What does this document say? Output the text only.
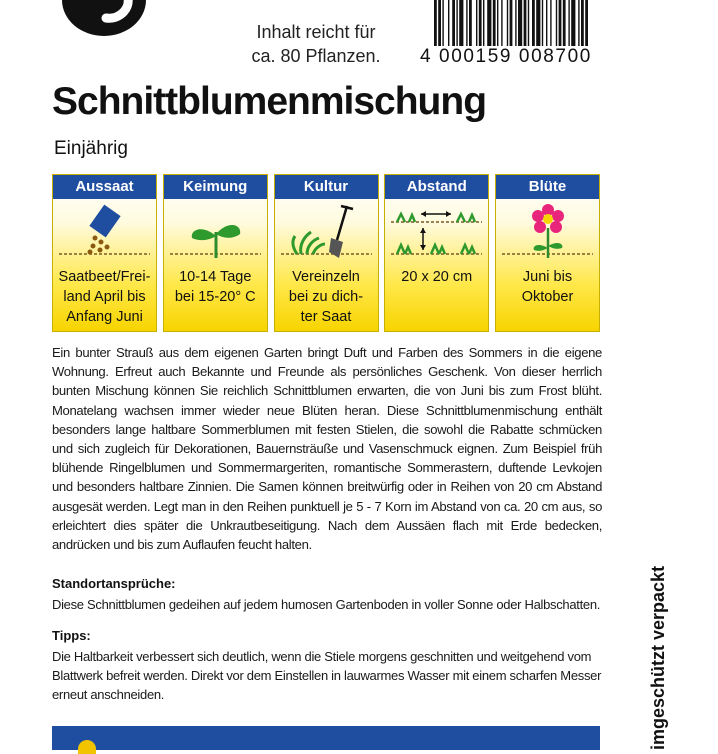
Inhalt reicht für
ca. 80 Pflanzen.	4 000159 008700
Schnittblumenmischung
Einjährig
Aussaat
Saatbeet/Frei-
land April bis
Anfang Juni
Keimung
10-14 Tage
bei 15-20° C
Kultur
Vereinzeln
bei zu dich-
ter Saat
Abstand
20 x 20 cm
Blüte
Juni bis
Oktober
Ein bunter Strauß aus dem eigenen Garten bringt Duft und Farben des Sommers in die eigene Wohnung. Erfreut auch Bekannte und Freunde als persönliches Geschenk. Von dieser herrlich bunten Mischung können Sie reichlich Schnittblumen erwarten, die von Juni bis zum Frost blüht. Monatelang wachsen immer wieder neue Blüten heran. Diese Schnittblumenmischung enthält besonders lange haltbare Sommerblumen mit festen Stielen, die sowohl die Rabatte schmücken und sich zugleich für Dekorationen, Bauernsträuße und Vasenschmuck eignen. Zum Beispiel früh blühende Ringelblumen und Sommermargeriten, romantische Sommerastern, duftende Levkojen und besonders haltbare Zinnien. Die Samen können breitwürfig oder in Reihen von 20 cm Abstand ausgesät werden. Legt man in den Reihen punktuell je 5 - 7 Korn im Abstand von ca. 20 cm aus, so erleichtert dies später die Unkrautbeseitigung. Nach dem Aussäen flach mit Erde bedecken, andrücken und bis zum Auflaufen feucht halten.
Standortansprüche:
Diese Schnittblumen gedeihen auf jedem humosen Gartenboden in voller Sonne oder Halbschatten.
Tipps:
Die Haltbarkeit verbessert sich deutlich, wenn die Stiele morgens geschnitten und weitgehend vom Blattwerk befreit werden. Direkt vor dem Einstellen in lauwarmes Wasser mit einem scharfen Messer erneut anschneiden.	imgeschützt verpackt
